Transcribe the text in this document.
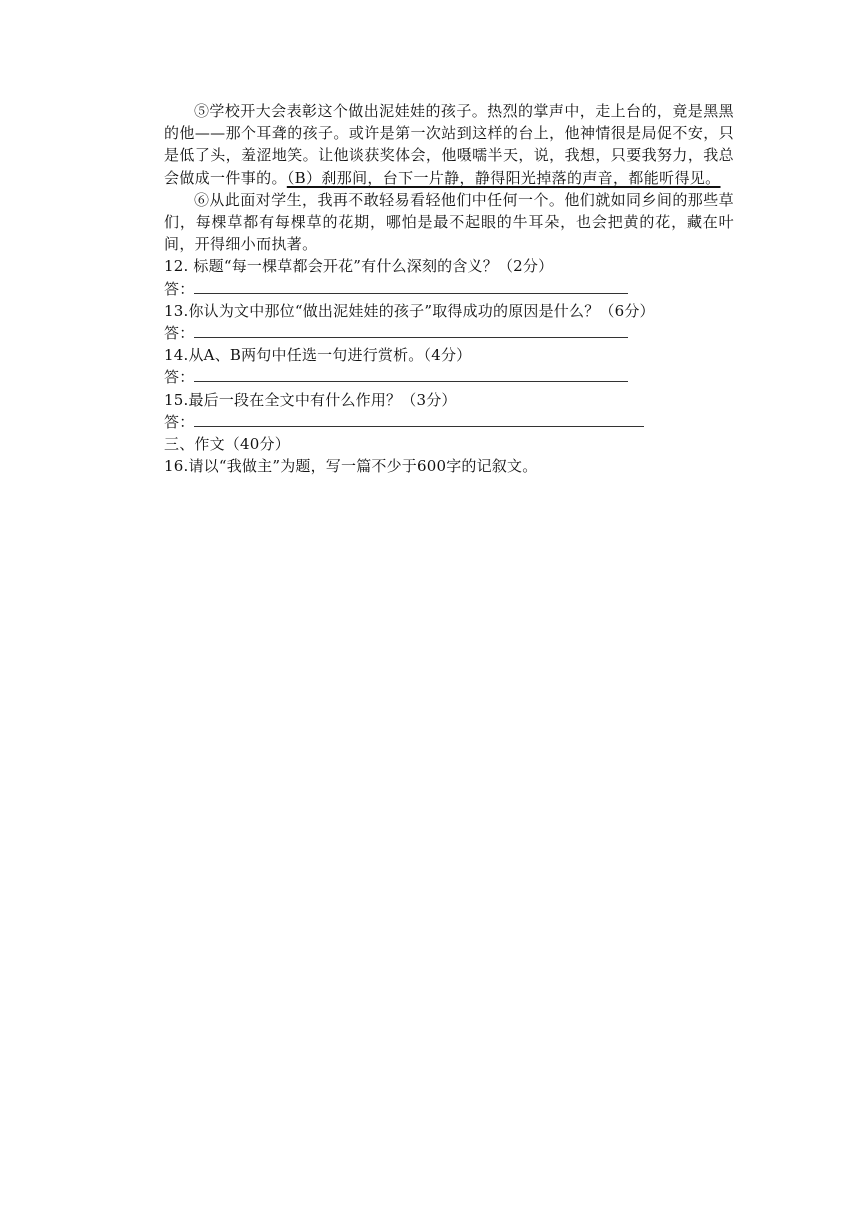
⑤学校开大会表彰这个做出泥娃娃的孩子。热烈的掌声中，走上台的，竟是黑黑的他——那个耳聋的孩子。或许是第一次站到这样的台上，他神情很是局促不安，只是低了头，羞涩地笑。让他谈获奖体会，他嗫嚅半天，说，我想，只要我努力，我总会做成一件事的。（B）刹那间，台下一片静，静得阳光掉落的声音，都能听得见。

⑥从此面对学生，我再不敢轻易看轻他们中任何一个。他们就如同乡间的那些草们，每棵草都有每棵草的花期，哪怕是最不起眼的牛耳朵，也会把黄的花，藏在叶间，开得细小而执著。

12. 标题“每一棵草都会开花”有什么深刻的含义？（2分）

答：

13.你认为文中那位“做出泥娃娃的孩子”取得成功的原因是什么？（6分）

答：

14.从A、B两句中任选一句进行赏析。（4分）

答：

15.最后一段在全文中有什么作用？（3分）

答：

三、作文（40分）

16.请以“我做主”为题，写一篇不少于600字的记叙文。
